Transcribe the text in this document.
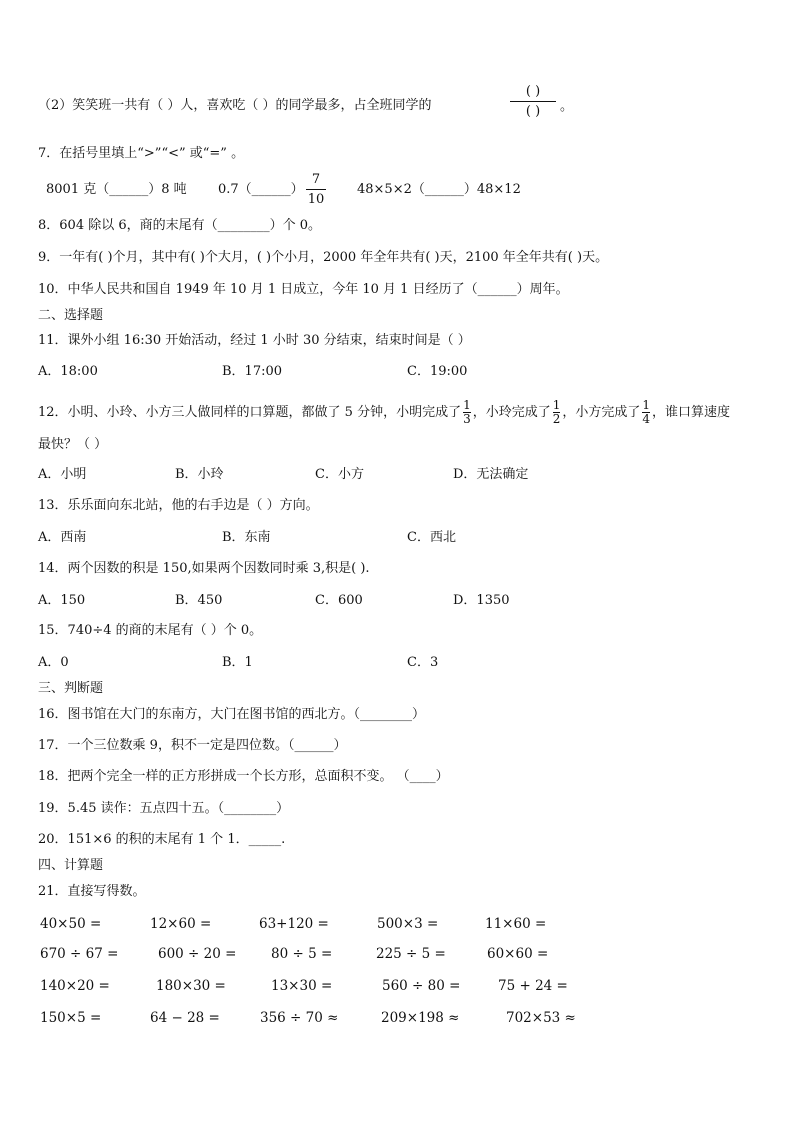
（2）笑笑班一共有（ ）人，喜欢吃（ ）的同学最多，占全班同学的
( )
( ) 。
7．在括号里填上“>”“<” 或“=” 。
8001 克（______）8 吨 0.7（______）
7
10
48×5×2（______）48×12
8．604 除以 6，商的末尾有（________）个 0。
9．一年有( )个月，其中有( )个大月，( )个小月，2000 年全年共有( )天，2100 年全年共有( )天。
10．中华人民共和国自 1949 年 10 月 1 日成立，今年 10 月 1 日经历了（______）周年。
二、选择题
11．课外小组 16:30 开始活动，经过 1 小时 30 分结束，结束时间是（ ）
A．18:00	B．17:00	C．19:00
12．小明、小玲、小方三人做同样的口算题，都做了 5 分钟，小明完成了 $\frac{1}{3}$ ，小玲完成了 $\frac{1}{2}$ ，小方完成了 $\frac{1}{4}$ ，谁口算速度
最快？（ ）
A．小明	B．小玲	C．小方	D．无法确定
13．乐乐面向东北站，他的右手边是（ ）方向。
A．西南	B．东南	C．西北
14．两个因数的积是 150,如果两个因数同时乘 3,积是( ).
A．150	B．450	C．600	D．1350
15．740÷4 的商的末尾有（ ）个 0。
A．0	B．1	C．3
三、判断题
16．图书馆在大门的东南方，大门在图书馆的西北方。（________）
17．一个三位数乘 9，积不一定是四位数。（______）
18．把两个完全一样的正方形拼成一个长方形，总面积不变。 （____）
19．5.45 读作：五点四十五。（________）
20．151×6 的积的末尾有 1 个 1．_____.
四、计算题
21．直接写得数。
40×50 =	12×60 =	63+120 =	500×3 =	11×60 =
670 ÷ 67 =	600 ÷ 20 =	80 ÷ 5 =	225 ÷ 5 =	60×60 =
140×20 =	180×30 =	13×30 =	560 ÷ 80 =	75 + 24 =
150×5 =	64 − 28 =	356 ÷ 70 ≈	209×198 ≈	702×53 ≈
